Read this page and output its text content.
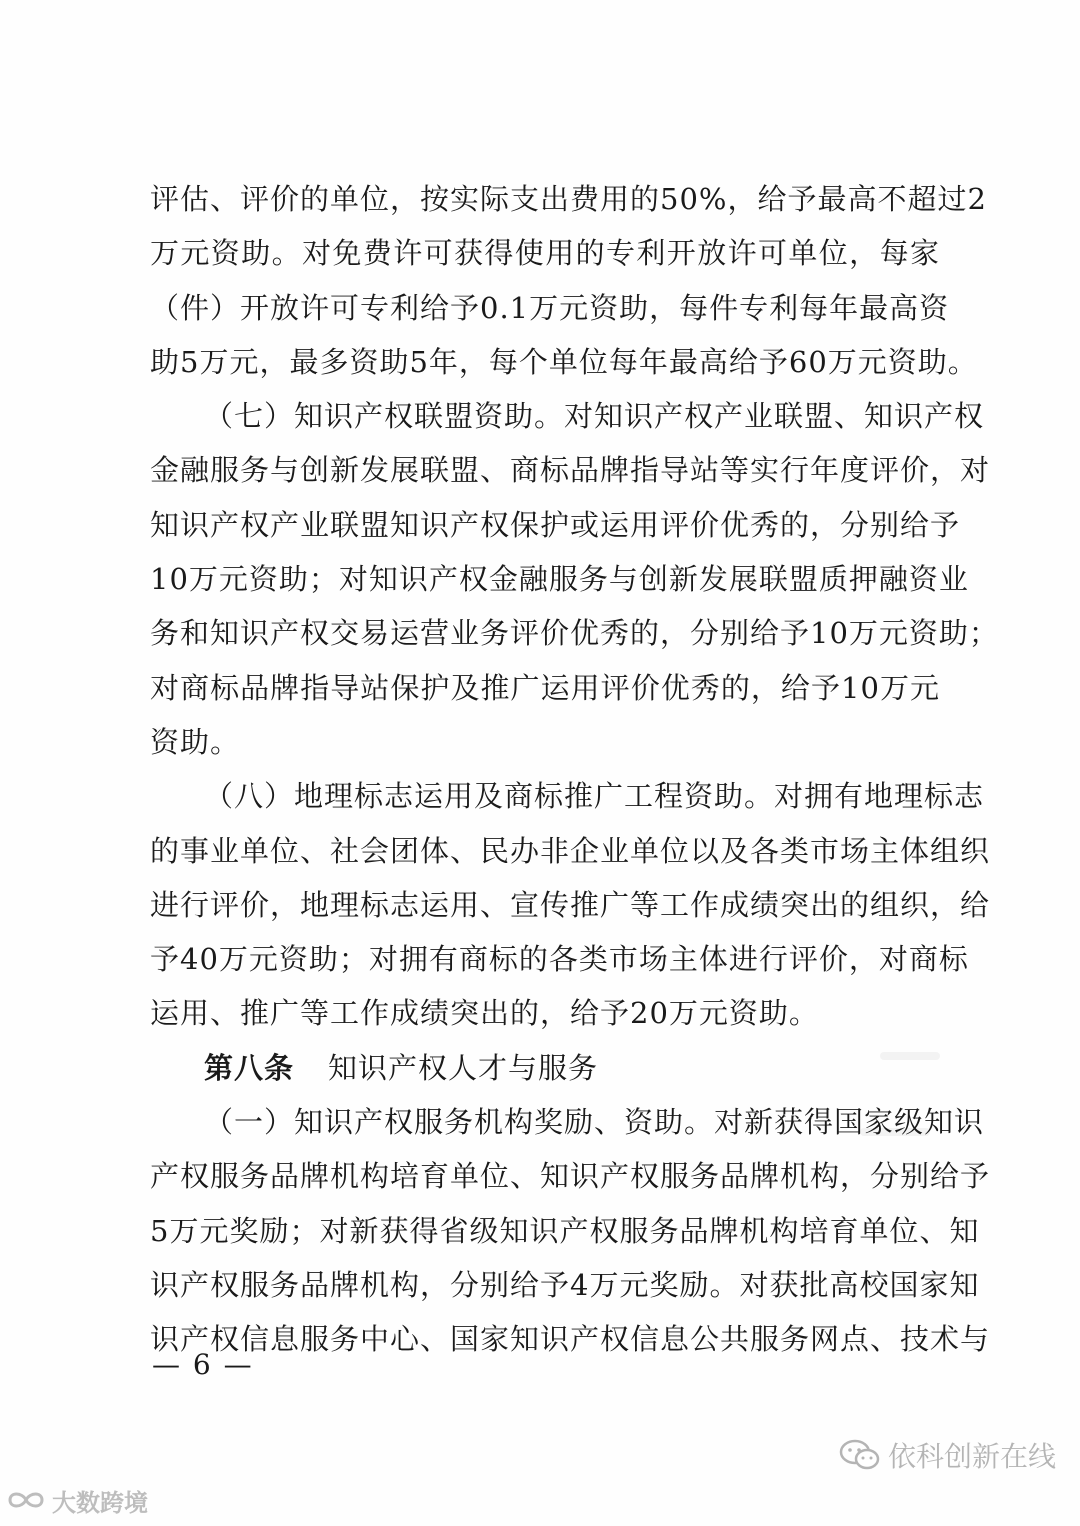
评估、评价的单位，按实际支出费用的50%，给予最高不超过2
万元资助。对免费许可获得使用的专利开放许可单位，每家
（件）开放许可专利给予0.1万元资助，每件专利每年最高资
助5万元，最多资助5年，每个单位每年最高给予60万元资助。
（七）知识产权联盟资助。对知识产权产业联盟、知识产权
金融服务与创新发展联盟、商标品牌指导站等实行年度评价，对
知识产权产业联盟知识产权保护或运用评价优秀的，分别给予
10万元资助；对知识产权金融服务与创新发展联盟质押融资业
务和知识产权交易运营业务评价优秀的，分别给予10万元资助；
对商标品牌指导站保护及推广运用评价优秀的，给予10万元
资助。
（八）地理标志运用及商标推广工程资助。对拥有地理标志
的事业单位、社会团体、民办非企业单位以及各类市场主体组织
进行评价，地理标志运用、宣传推广等工作成绩突出的组织，给
予40万元资助；对拥有商标的各类市场主体进行评价，对商标
运用、推广等工作成绩突出的，给予20万元资助。
第八条 知识产权人才与服务
（一）知识产权服务机构奖励、资助。对新获得国家级知识
产权服务品牌机构培育单位、知识产权服务品牌机构，分别给予
5万元奖励；对新获得省级知识产权服务品牌机构培育单位、知
识产权服务品牌机构，分别给予4万元奖励。对获批高校国家知
识产权信息服务中心、国家知识产权信息公共服务网点、技术与
— 6 —
依科创新在线
大数跨境
